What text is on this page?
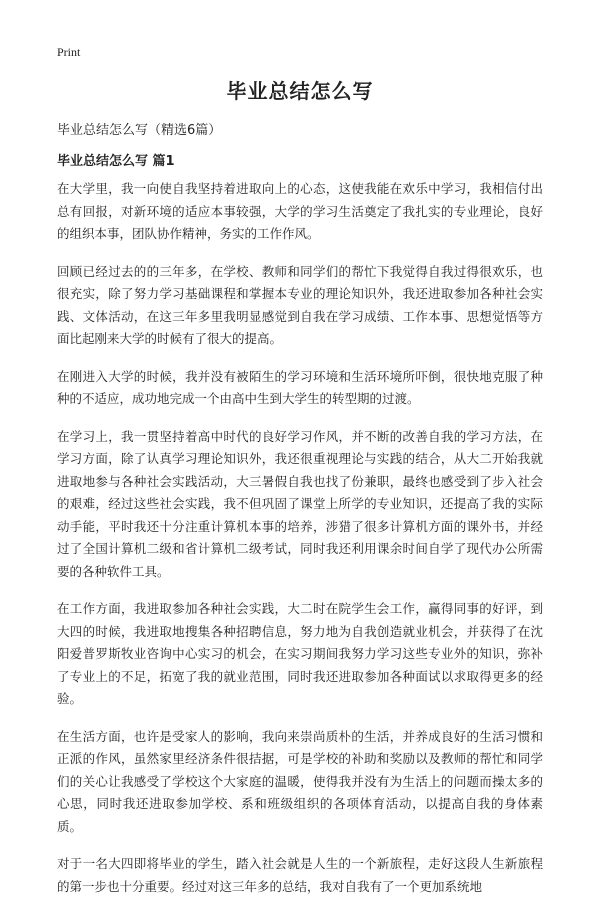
Print
毕业总结怎么写
毕业总结怎么写（精选6篇）
毕业总结怎么写 篇1

在大学里，我一向使自我坚持着进取向上的心态，这使我能在欢乐中学习，我相信付出总有回报，对新环境的适应本事较强，大学的学习生活奠定了我扎实的专业理论，良好的组织本事，团队协作精神，务实的工作作风。

回顾已经过去的的三年多，在学校、教师和同学们的帮忙下我觉得自我过得很欢乐，也很充实，除了努力学习基础课程和掌握本专业的理论知识外，我还进取参加各种社会实践、文体活动，在这三年多里我明显感觉到自我在学习成绩、工作本事、思想觉悟等方面比起刚来大学的时候有了很大的提高。

在刚进入大学的时候，我并没有被陌生的学习环境和生活环境所吓倒，很快地克服了种种的不适应，成功地完成一个由高中生到大学生的转型期的过渡。

在学习上，我一贯坚持着高中时代的良好学习作风，并不断的改善自我的学习方法，在学习方面，除了认真学习理论知识外，我还很重视理论与实践的结合，从大二开始我就进取地参与各种社会实践活动，大三暑假自我也找了份兼职，最终也感受到了步入社会的艰难，经过这些社会实践，我不但巩固了课堂上所学的专业知识，还提高了我的实际动手能，平时我还十分注重计算机本事的培养，涉猎了很多计算机方面的课外书，并经过了全国计算机二级和省计算机二级考试，同时我还利用课余时间自学了现代办公所需要的各种软件工具。

在工作方面，我进取参加各种社会实践，大二时在院学生会工作，赢得同事的好评，到大四的时候，我进取地搜集各种招聘信息，努力地为自我创造就业机会，并获得了在沈阳爱普罗斯牧业咨询中心实习的机会，在实习期间我努力学习这些专业外的知识，弥补了专业上的不足，拓宽了我的就业范围，同时我还进取参加各种面试以求取得更多的经验。

在生活方面，也许是受家人的影响，我向来崇尚质朴的生活，并养成良好的生活习惯和正派的作风，虽然家里经济条件很拮据，可是学校的补助和奖励以及教师的帮忙和同学们的关心让我感受了学校这个大家庭的温暖，使得我并没有为生活上的问题而操太多的心思，同时我还进取参加学校、系和班级组织的各项体育活动，以提高自我的身体素质。

对于一名大四即将毕业的学生，踏入社会就是人生的一个新旅程，走好这段人生新旅程的第一步也十分重要。经过对这三年多的总结，我对自我有了一个更加系统地
